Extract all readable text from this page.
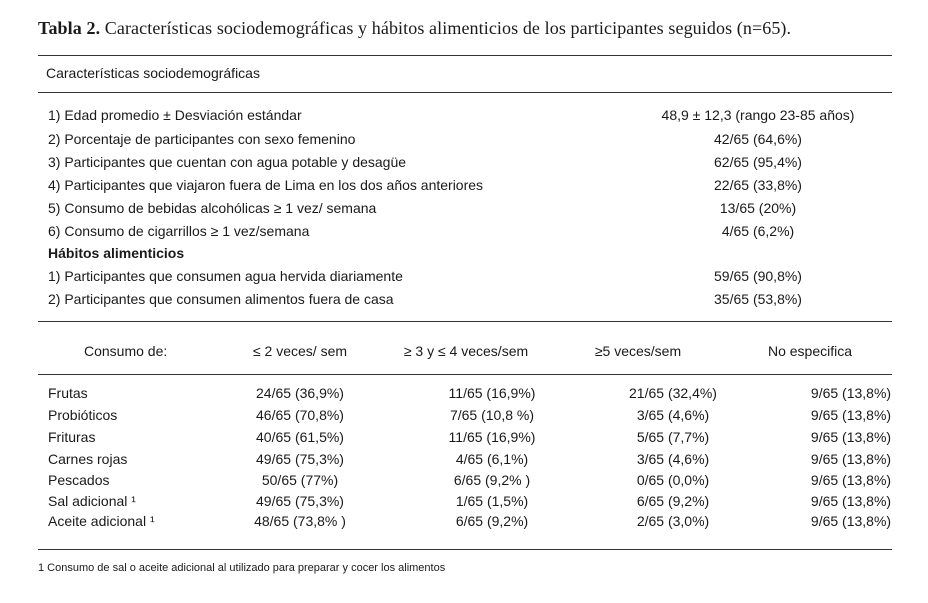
Tabla 2. Características sociodemográficas y hábitos alimenticios de los participantes seguidos (n=65).
Características sociodemográficas
1) Edad promedio ± Desviación estándar	48,9 ± 12,3 (rango 23-85 años)
2) Porcentaje de participantes con sexo femenino	42/65 (64,6%)
3) Participantes que cuentan con agua potable y desagüe	62/65 (95,4%)
4) Participantes que viajaron fuera de Lima en los dos años anteriores	22/65 (33,8%)
5) Consumo de bebidas alcohólicas ≥ 1 vez/ semana	13/65 (20%)
6) Consumo de cigarrillos ≥ 1 vez/semana	4/65 (6,2%)
Hábitos alimenticios
1) Participantes que consumen agua hervida diariamente	59/65 (90,8%)
2) Participantes que consumen alimentos fuera de casa	35/65 (53,8%)
Consumo de:	≤ 2 veces/ sem	≥ 3 y ≤ 4 veces/sem	≥5 veces/sem	No especifica
Frutas	24/65 (36,9%)	11/65 (16,9%)	21/65 (32,4%)	9/65 (13,8%)
Probióticos	46/65 (70,8%)	7/65 (10,8 %)	3/65 (4,6%)	9/65 (13,8%)
Frituras	40/65 (61,5%)	11/65 (16,9%)	5/65 (7,7%)	9/65 (13,8%)
Carnes rojas	49/65 (75,3%)	4/65 (6,1%)	3/65 (4,6%)	9/65 (13,8%)
Pescados	50/65 (77%)	6/65 (9,2% )	0/65 (0,0%)	9/65 (13,8%)
Sal adicional ¹	49/65 (75,3%)	1/65 (1,5%)	6/65 (9,2%)	9/65 (13,8%)
Aceite adicional ¹	48/65 (73,8% )	6/65 (9,2%)	2/65 (3,0%)	9/65 (13,8%)
1 Consumo de sal o aceite adicional al utilizado para preparar y cocer los alimentos
